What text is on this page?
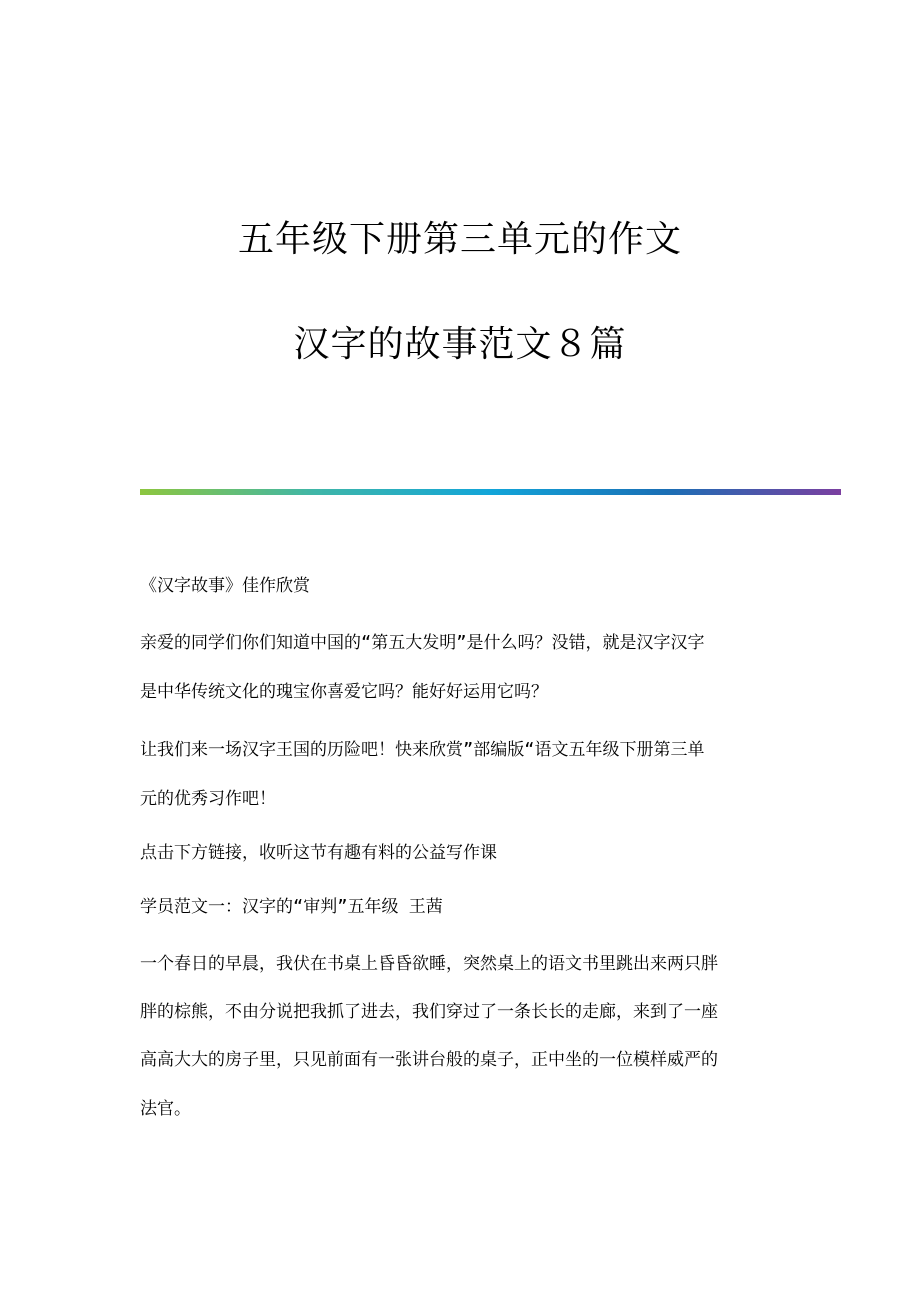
五年级下册第三单元的作文
汉字的故事范文８篇
《汉字故事》佳作欣赏
亲爱的同学们你们知道中国的“第五大发明”是什么吗？没错，就是汉字汉字
是中华传统文化的瑰宝你喜爱它吗？能好好运用它吗？
让我们来一场汉字王国的历险吧！快来欣赏”部编版“语文五年级下册第三单
元的优秀习作吧！
点击下方链接，收听这节有趣有料的公益写作课
学员范文一：汉字的“审判”五年级 王茜
一个春日的早晨，我伏在书桌上昏昏欲睡，突然桌上的语文书里跳出来两只胖
胖的棕熊，不由分说把我抓了进去，我们穿过了一条长长的走廊，来到了一座
高高大大的房子里，只见前面有一张讲台般的桌子，正中坐的一位模样威严的
法官。
